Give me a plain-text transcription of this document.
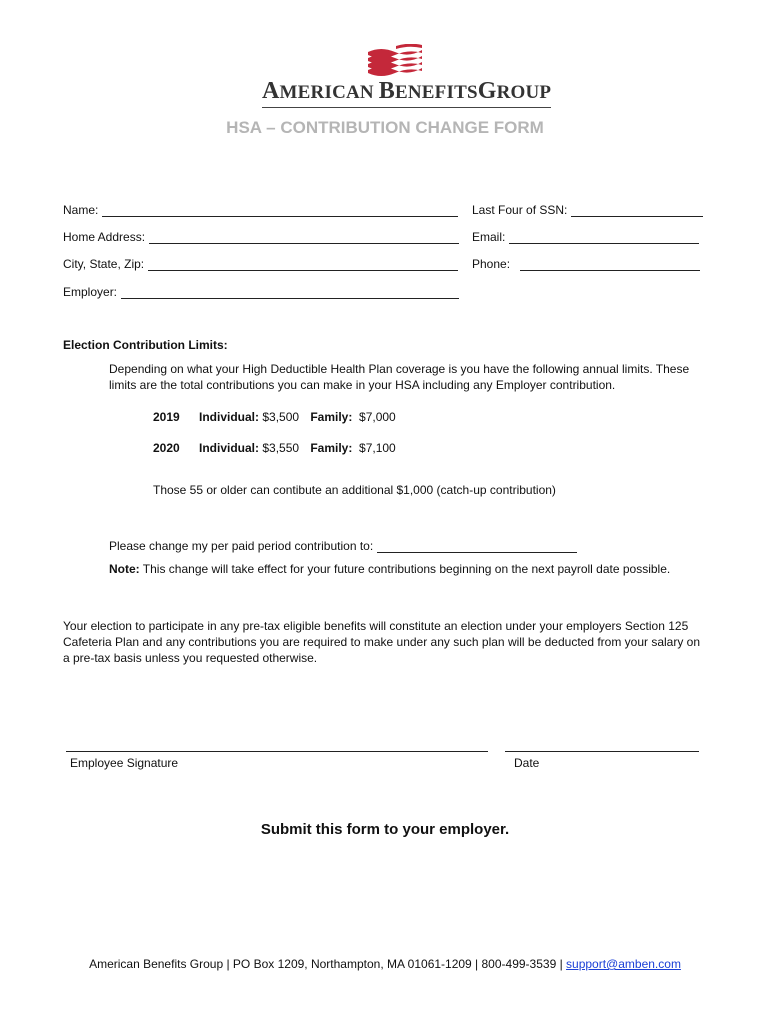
AMERICAN BENEFITSGROUP
HSA – CONTRIBUTION CHANGE FORM
Name:	Last Four of SSN:
Home Address:	Email:
City, State, Zip:	Phone:
Employer:
Election Contribution Limits:
Depending on what your High Deductible Health Plan coverage is you have the following annual limits. These limits are the total contributions you can make in your HSA including any Employer contribution.
2019 Individual: $3,500 Family: $7,000
2020 Individual: $3,550 Family: $7,100
Those 55 or older can contibute an additional $1,000 (catch-up contribution)
Please change my per paid period contribution to:
Note: This change will take effect for your future contributions beginning on the next payroll date possible.
Your election to participate in any pre-tax eligible benefits will constitute an election under your employers Section 125 Cafeteria Plan and any contributions you are required to make under any such plan will be deducted from your salary on a pre-tax basis unless you requested otherwise.
Employee Signature	Date
Submit this form to your employer.
American Benefits Group | PO Box 1209, Northampton, MA 01061-1209 | 800-499-3539 | support@amben.com
